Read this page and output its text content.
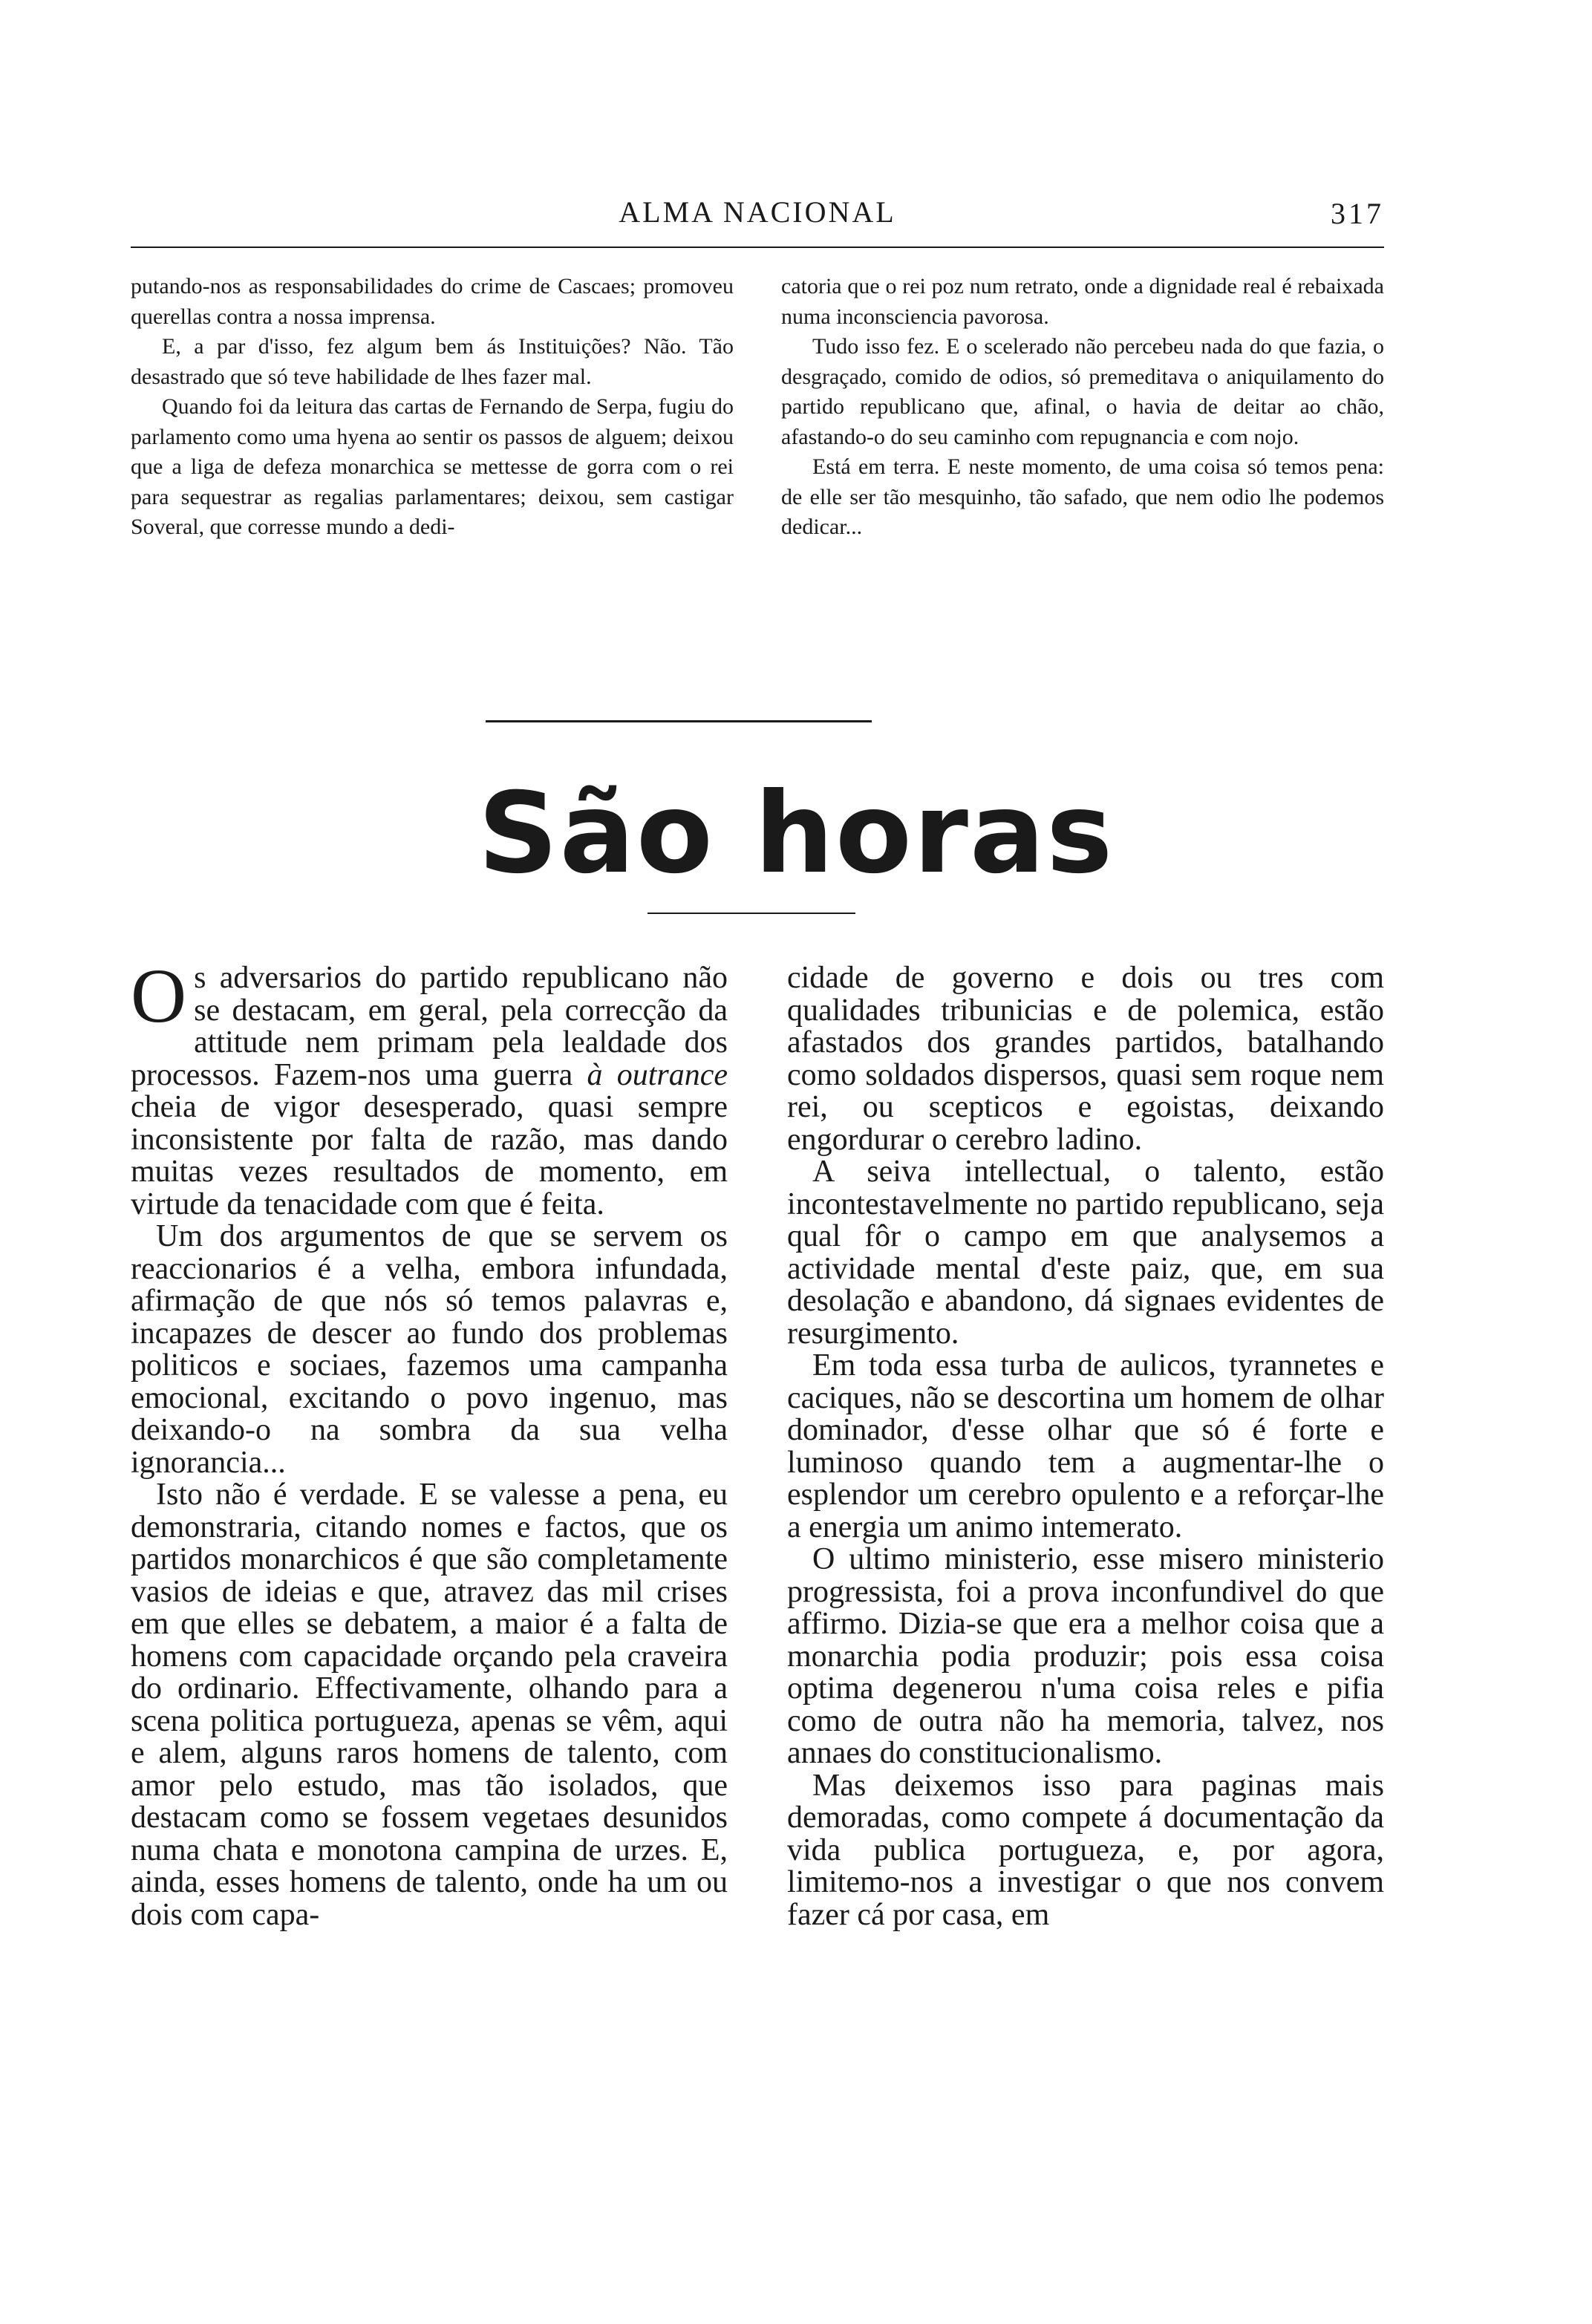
ALMA NACIONAL	317

putando-nos as responsabilidades do crime de Cascaes; promoveu querellas contra a nossa imprensa.

E, a par d'isso, fez algum bem ás Instituições? Não. Tão desastrado que só teve habilidade de lhes fazer mal.

Quando foi da leitura das cartas de Fernando de Serpa, fugiu do parlamento como uma hyena ao sentir os passos de alguem; deixou que a liga de defeza monarchica se mettesse de gorra com o rei para sequestrar as regalias parlamentares; deixou, sem castigar Soveral, que corresse mundo a dedi-

catoria que o rei poz num retrato, onde a dignidade real é rebaixada numa inconsciencia pavorosa.

Tudo isso fez. E o scelerado não percebeu nada do que fazia, o desgraçado, comido de odios, só premeditava o aniquilamento do partido republicano que, afinal, o havia de deitar ao chão, afastando-o do seu caminho com repugnancia e com nojo.

Está em terra. E neste momento, de uma coisa só temos pena: de elle ser tão mesquinho, tão safado, que nem odio lhe podemos dedicar...

São horas

Os adversarios do partido republicano não se destacam, em geral, pela correcção da attitude nem primam pela lealdade dos processos. Fazem-nos uma guerra à outrance cheia de vigor desesperado, quasi sempre inconsistente por falta de razão, mas dando muitas vezes resultados de momento, em virtude da tenacidade com que é feita.

Um dos argumentos de que se servem os reaccionarios é a velha, embora infundada, afirmação de que nós só temos palavras e, incapazes de descer ao fundo dos problemas politicos e sociaes, fazemos uma campanha emocional, excitando o povo ingenuo, mas deixando-o na sombra da sua velha ignorancia...

Isto não é verdade. E se valesse a pena, eu demonstraria, citando nomes e factos, que os partidos monarchicos é que são completamente vasios de ideias e que, atravez das mil crises em que elles se debatem, a maior é a falta de homens com capacidade orçando pela craveira do ordinario. Effectivamente, olhando para a scena politica portugueza, apenas se vêm, aqui e alem, alguns raros homens de talento, com amor pelo estudo, mas tão isolados, que destacam como se fossem vegetaes desunidos numa chata e monotona campina de urzes. E, ainda, esses homens de talento, onde ha um ou dois com capa-

cidade de governo e dois ou tres com qualidades tribunicias e de polemica, estão afastados dos grandes partidos, batalhando como soldados dispersos, quasi sem roque nem rei, ou scepticos e egoistas, deixando engordurar o cerebro ladino.

A seiva intellectual, o talento, estão incontestavelmente no partido republicano, seja qual fôr o campo em que analysemos a actividade mental d'este paiz, que, em sua desolação e abandono, dá signaes evidentes de resurgimento.

Em toda essa turba de aulicos, tyrannetes e caciques, não se descortina um homem de olhar dominador, d'esse olhar que só é forte e luminoso quando tem a augmentar-lhe o esplendor um cerebro opulento e a reforçar-lhe a energia um animo intemerato.

O ultimo ministerio, esse misero ministerio progressista, foi a prova inconfundivel do que affirmo. Dizia-se que era a melhor coisa que a monarchia podia produzir; pois essa coisa optima degenerou n'uma coisa reles e pifia como de outra não ha memoria, talvez, nos annaes do constitucionalismo.

Mas deixemos isso para paginas mais demoradas, como compete á documentação da vida publica portugueza, e, por agora, limitemo-nos a investigar o que nos convem fazer cá por casa, em
